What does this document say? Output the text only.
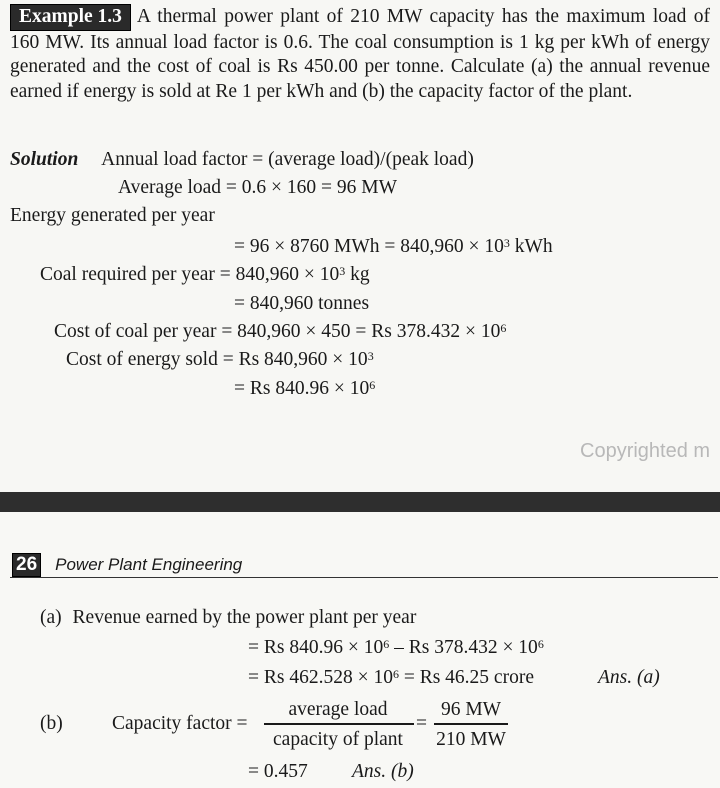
Example 1.3 A thermal power plant of 210 MW capacity has the maximum load of 160 MW. Its annual load factor is 0.6. The coal consumption is 1 kg per kWh of energy generated and the cost of coal is Rs 450.00 per tonne. Calculate (a) the annual revenue earned if energy is sold at Re 1 per kWh and (b) the capacity factor of the plant.
Solution Annual load factor = (average load)/(peak load)
Average load = 0.6 × 160 = 96 MW
Energy generated per year
= 96 × 8760 MWh = $840,960 \times 10^3$ kWh
Coal required per year = $840,960 \times 10^3$ kg
= 840,960 tonnes
Cost of coal per year = 840,960 × 450 = Rs $378.432 \times 10^6$
Cost of energy sold = Rs $840,960 \times 10^3$
= Rs $840.96 \times 10^6$
Copyrighted m
26 Power Plant Engineering
(a) Revenue earned by the power plant per year
= Rs $840.96 \times 10^6 - Rs$ $378.432 \times 10^6$
= Rs $462.528 \times 10^6 = Rs$ 46.25 crore	Ans. (a)
(b)	Capacity factor =
average load
capacity of plant
=
96 MW
210 MW
= 0.457 Ans. (b)
